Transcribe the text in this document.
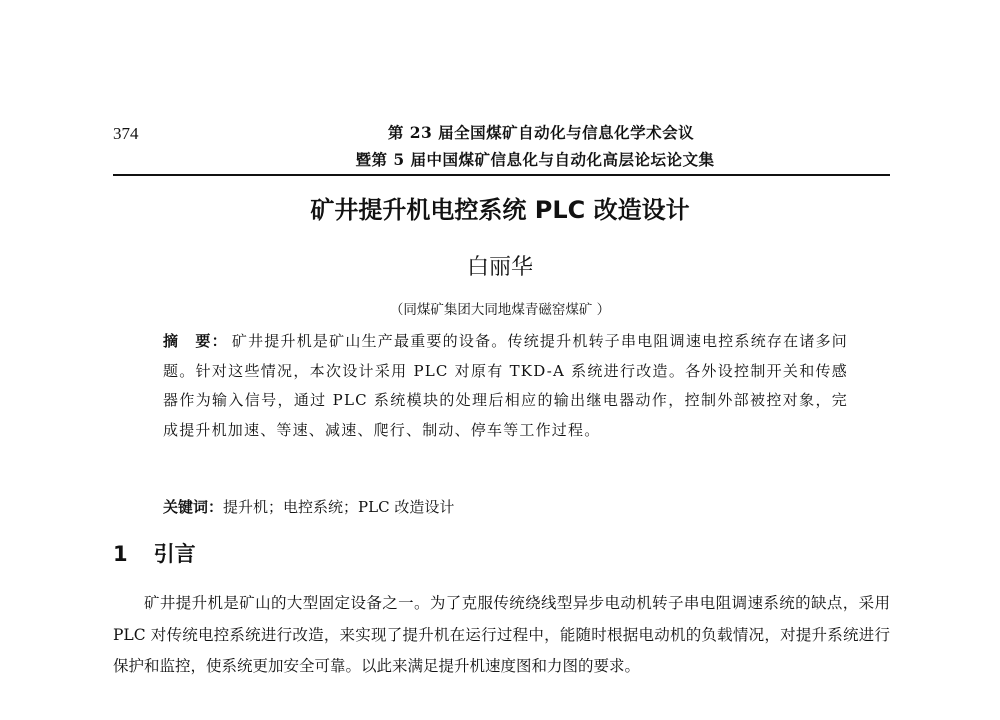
374	第 23 届全国煤矿自动化与信息化学术会议
暨第 5 届中国煤矿信息化与自动化高层论坛论文集
矿井提升机电控系统 PLC 改造设计
白丽华
（同煤矿集团大同地煤青磁窑煤矿 ）
摘　要： 矿井提升机是矿山生产最重要的设备。传统提升机转子串电阻调速电控系统存在诸多问题。针对这些情况，本次设计采用 PLC 对原有 TKD-A 系统进行改造。各外设控制开关和传感器作为输入信号，通过 PLC 系统模块的处理后相应的输出继电器动作，控制外部被控对象，完成提升机加速、等速、减速、爬行、制动、停车等工作过程。
关键词：提升机；电控系统；PLC 改造设计
1 引言
矿井提升机是矿山的大型固定设备之一。为了克服传统绕线型异步电动机转子串电阻调速系统的缺点，采用 PLC 对传统电控系统进行改造，来实现了提升机在运行过程中，能随时根据电动机的负载情况，对提升系统进行保护和监控，使系统更加安全可靠。以此来满足提升机速度图和力图的要求。
